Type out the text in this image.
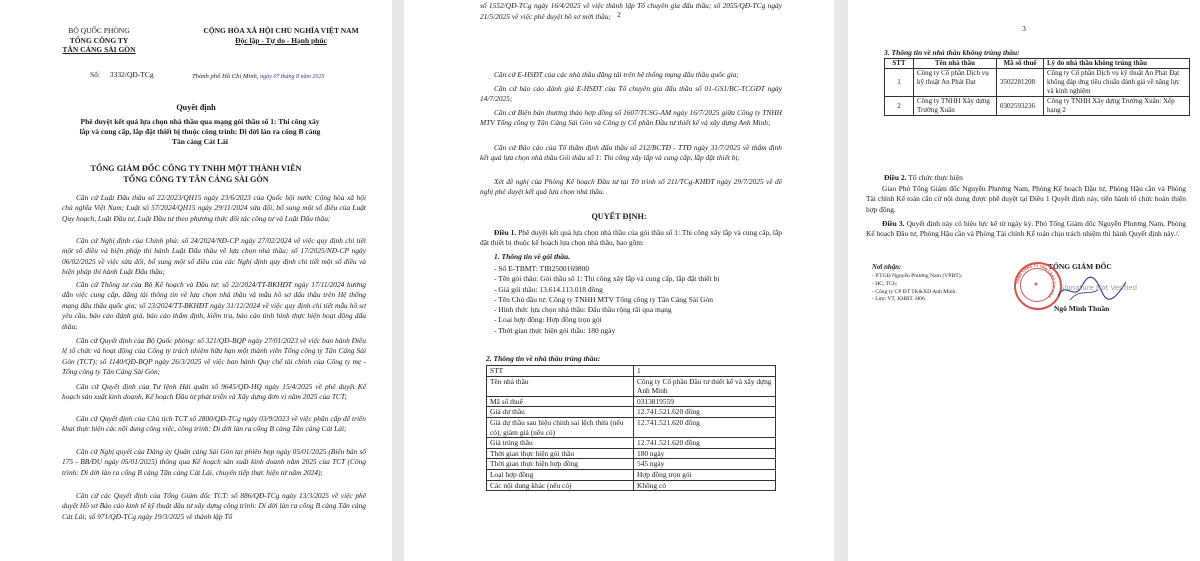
BỘ QUỐC PHÒNG
TỔNG CÔNG TY
TÂN CẢNG SÀI GÒN
Số: 3332/QĐ-TCg
CỘNG HÒA XÃ HỘI CHỦ NGHĨA VIỆT NAM
Độc lập - Tự do - Hạnh phúc
Thành phố Hồ Chí Minh, ngày 07 tháng 8 năm 2025
Quyết định
Phê duyệt kết quả lựa chọn nhà thầu qua mạng gói thầu số 1: Thi công xây
lắp và cung cấp, lắp đặt thiết bị thuộc công trình: Di dời làn ra cổng B cảng
Tân cảng Cát Lái
TỔNG GIÁM ĐỐC CÔNG TY TNHH MỘT THÀNH VIÊN
TỔNG CÔNG TY TÂN CẢNG SÀI GÒN
Căn cứ Luật Đấu thầu số 22/2023/QH15 ngày 23/6/2023 của Quốc hội nước Cộng hòa xã hội chủ nghĩa Việt Nam; Luật số 57/2024/QH15 ngày 29/11/2024 sửa đổi, bổ sung một số điều của Luật Quy hoạch, Luật Đầu tư, Luật Đầu tư theo phương thức đối tác công tư và Luật Đấu thầu;
Căn cứ Nghị định của Chính phủ: số 24/2024/NĐ-CP ngày 27/02/2024 về việc quy định chi tiết một số điều và biện pháp thi hành Luật Đấu thầu về lựa chọn nhà thầu; số 17/2025/NĐ-CP ngày 06/02/2025 về việc sửa đổi, bổ sung một số điều của các Nghị định quy định chi tiết một số điều và biện pháp thi hành Luật Đấu thầu;
Căn cứ Thông tư của Bộ Kế hoạch và Đầu tư: số 22/2024/TT-BKHĐT ngày 17/11/2024 hướng dẫn việc cung cấp, đăng tải thông tin về lựa chọn nhà thầu và mẫu hồ sơ đấu thầu trên Hệ thống mạng đấu thầu quốc gia; số 23/2024/TT-BKHĐT ngày 31/12/2024 về việc quy định chi tiết mẫu hồ sơ yêu cầu, báo cáo đánh giá, báo cáo thẩm định, kiểm tra, báo cáo tình hình thực hiện hoạt động đấu thầu;
Căn cứ Quyết định của Bộ Quốc phòng: số 321/QĐ-BQP ngày 27/01/2023 về việc ban hành Điều lệ tổ chức và hoạt động của Công ty trách nhiệm hữu hạn một thành viên Tổng công ty Tân Cảng Sài Gòn (TCT); số 1140/QĐ-BQP ngày 26/3/2025 về việc ban hành Quy chế tài chính của Công ty mẹ - Tổng công ty Tân Cảng Sài Gòn;
Căn cứ Quyết định của Tư lệnh Hải quân số 9645/QĐ-HQ ngày 15/4/2025 về phê duyệt Kế hoạch sản xuất kinh doanh, Kế hoạch Đầu tư phát triển và Xây dựng đơn vị năm 2025 của TCT;
Căn cứ Quyết định của Chủ tịch TCT số 2800/QĐ-TCg ngày 03/9/2023 về việc phân cấp để triển khai thực hiện các nội dung công việc, công trình: Di dời làn ra cổng B cảng Tân cảng Cát Lái;
Căn cứ Nghị quyết của Đảng ủy Quân cảng Sài Gòn tại phiên họp ngày 05/01/2025 (Biên bản số 175 - BB/ĐU ngày 05/01/2025) thông qua Kế hoạch sản xuất kinh doanh năm 2025 của TCT (Công trình: Di dời làn ra cổng B cảng Tân cảng Cát Lái, chuyển tiếp thực hiện từ năm 2024);
Căn cứ các Quyết định của Tổng Giám đốc TCT: số 886/QĐ-TCg ngày 13/3/2025 về việc phê duyệt Hồ sơ Báo cáo kinh tế kỹ thuật đầu tư xây dựng công trình: Di dời làn ra cổng B cảng Tân cảng Cát Lái; số 971/QĐ-TCg ngày 19/3/2025 về thành lập Tổ
2
số 1552/QĐ-TCg ngày 16/4/2025 về việc thành lập Tổ chuyên gia đấu thầu; số 2055/QĐ-TCg ngày 21/5/2025 về việc phê duyệt hồ sơ mời thầu;
Căn cứ E-HSĐT của các nhà thầu đăng tải trên hệ thống mạng đấu thầu quốc gia;
Căn cứ báo cáo đánh giá E-HSĐT của Tổ chuyên gia đấu thầu số 01-GS1/BC-TCGĐT ngày 14/7/2025;
Căn cứ Biên bản thương thảo hợp đồng số 1607/TCSG-AM ngày 16/7/2025 giữa Công ty TNHH MTV Tổng công ty Tân Cảng Sài Gòn và Công ty Cổ phần Đầu tư thiết kế và xây dựng Anh Minh;
Căn cứ Báo cáo của Tổ thẩm định đấu thầu số 212/BCTĐ - TTĐ ngày 31/7/2025 về thẩm định kết quả lựa chọn nhà thầu Gói thầu số 1: Thi công xây lắp và cung cấp, lắp đặt thiết bị;
Xét đề nghị của Phòng Kế hoạch Đầu tư tại Tờ trình số 211/TCg-KHĐT ngày 29/7/2025 về đề nghị phê duyệt kết quả lựa chọn nhà thầu.
QUYẾT ĐỊNH:
Điều 1. Phê duyệt kết quả lựa chọn nhà thầu của gói thầu số 1: Thi công xây lắp và cung cấp, lắp đặt thiết bị thuộc kế hoạch lựa chọn nhà thầu, bao gồm:
1. Thông tin về gói thầu.
- Số E-TBMT: TIB2500169800
- Tên gói thầu: Gói thầu số 1: Thi công xây lắp và cung cấp, lắp đặt thiết bị
- Giá gói thầu: 13.614.113.018 đồng
- Tên Chủ đầu tư: Công ty TNHH MTV Tổng công ty Tân Cảng Sài Gòn
- Hình thức lựa chọn nhà thầu: Đấu thầu rộng rãi qua mạng
- Loại hợp đồng: Hợp đồng trọn gói
- Thời gian thực hiện gói thầu: 180 ngày
2. Thông tin về nhà thầu trúng thầu:
STT	1
Tên nhà thầu	Công ty Cổ phần Đầu tư thiết kế và xây dựng Anh Minh
Mã số thuế	0313819559
Giá dự thầu	12.741.521.620 đồng
Giá dự thầu sau hiệu chỉnh sai lệch thừa (nếu có), giảm giá (nếu có)	12.741.521.620 đồng
Giá trúng thầu	12.741.521.620 đồng
Thời gian thực hiện gói thầu	180 ngày
Thời gian thực hiện hợp đồng	545 ngày
Loại hợp đồng	Hợp đồng trọn gói
Các nội dung khác (nếu có)	Không có
3
3. Thông tin về nhà thầu không trúng thầu:
STT	Tên nhà thầu	Mã số thuế	Lý do nhà thầu không trúng thầu
1	Công ty Cổ phần Dịch vụ kỹ thuật An Phát Đạt	3502281208	Công ty Cổ phần Dịch vụ kỹ thuật An Phát Đạt không đáp ứng tiêu chuẩn đánh giá về năng lực và kinh nghiệm
2	Công ty TNHH Xây dựng Trường Xuân	0302593236	Công ty TNHH Xây dựng Trường Xuân: Xếp hạng 2
Điều 2. Tổ chức thực hiện
Giao Phó Tổng Giám đốc Nguyễn Phương Nam, Phòng Kế hoạch Đầu tư, Phòng Hậu cần và Phòng Tài chính Kế toán căn cứ nội dung được phê duyệt tại Điều 1 Quyết định này, tiến hành tổ chức hoàn thiện hợp đồng.
Điều 3. Quyết định này có hiệu lực kể từ ngày ký. Phó Tổng Giám đốc Nguyễn Phương Nam, Phòng Kế hoạch Đầu tư, Phòng Hậu cần và Phòng Tài chính Kế toán chịu trách nhiệm thi hành Quyết định này./.
Nơi nhận:
- P.TGĐ Nguyễn Phương Nam (VPĐT);
- HC, TCh;
- Công ty CP ĐT TK&XD Anh Minh;
- Lưu: VT, KHĐT. H06.
TỔNG GIÁM ĐỐC
TỔNG CÔNG TY TÂN CẢNG SÀI GÒN
★	Signature Not Verified
Ngô Minh Thuần
